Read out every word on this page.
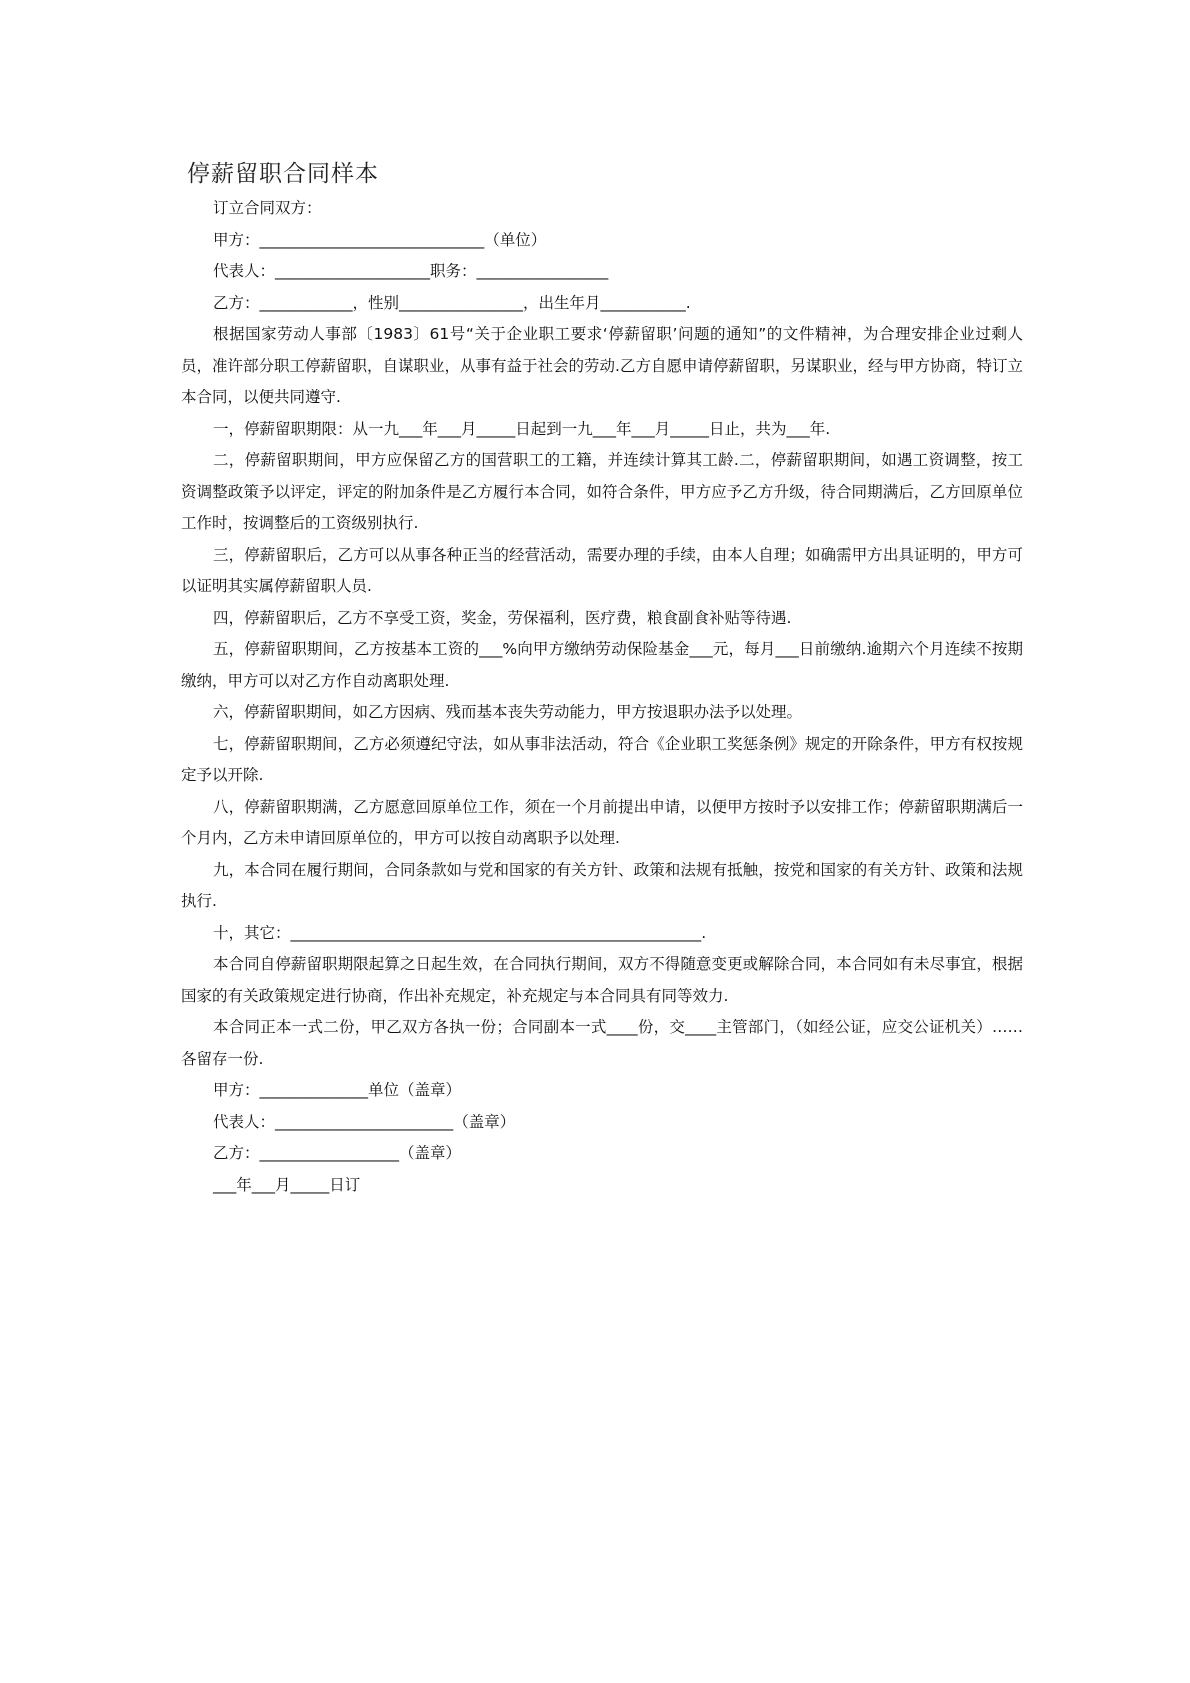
停薪留职合同样本

订立合同双方：

甲方：_____________________________（单位）

代表人：____________________职务：_________________

乙方：____________，性别________________，出生年月___________.

根据国家劳动人事部〔1983〕61号“关于企业职工要求‘停薪留职’问题的通知”的文件精神，为合理安排企业过剩人员，准许部分职工停薪留职，自谋职业，从事有益于社会的劳动.乙方自愿申请停薪留职，另谋职业，经与甲方协商，特订立本合同，以便共同遵守.

一，停薪留职期限：从一九___年___月_____日起到一九___年___月_____日止，共为___年.

二，停薪留职期间，甲方应保留乙方的国营职工的工籍，并连续计算其工龄.二，停薪留职期间，如遇工资调整，按工资调整政策予以评定，评定的附加条件是乙方履行本合同，如符合条件，甲方应予乙方升级，待合同期满后，乙方回原单位工作时，按调整后的工资级别执行.

三，停薪留职后，乙方可以从事各种正当的经营活动，需要办理的手续，由本人自理；如确需甲方出具证明的，甲方可以证明其实属停薪留职人员.

四，停薪留职后，乙方不享受工资，奖金，劳保福利，医疗费，粮食副食补贴等待遇.

五，停薪留职期间，乙方按基本工资的___%向甲方缴纳劳动保险基金___元，每月___日前缴纳.逾期六个月连续不按期缴纳，甲方可以对乙方作自动离职处理.

六，停薪留职期间，如乙方因病、残而基本丧失劳动能力，甲方按退职办法予以处理。

七，停薪留职期间，乙方必须遵纪守法，如从事非法活动，符合《企业职工奖惩条例》规定的开除条件，甲方有权按规定予以开除.

八，停薪留职期满，乙方愿意回原单位工作，须在一个月前提出申请，以便甲方按时予以安排工作；停薪留职期满后一个月内，乙方未申请回原单位的，甲方可以按自动离职予以处理.

九，本合同在履行期间，合同条款如与党和国家的有关方针、政策和法规有抵触，按党和国家的有关方针、政策和法规执行.

十，其它：_____________________________________________________.

本合同自停薪留职期限起算之日起生效，在合同执行期间，双方不得随意变更或解除合同，本合同如有未尽事宜，根据国家的有关政策规定进行协商，作出补充规定，补充规定与本合同具有同等效力.

本合同正本一式二份，甲乙双方各执一份；合同副本一式____份，交____主管部门，（如经公证，应交公证机关）……各留存一份.

甲方：______________单位（盖章）

代表人：_______________________（盖章）

乙方：__________________（盖章）

___年___月_____日订
